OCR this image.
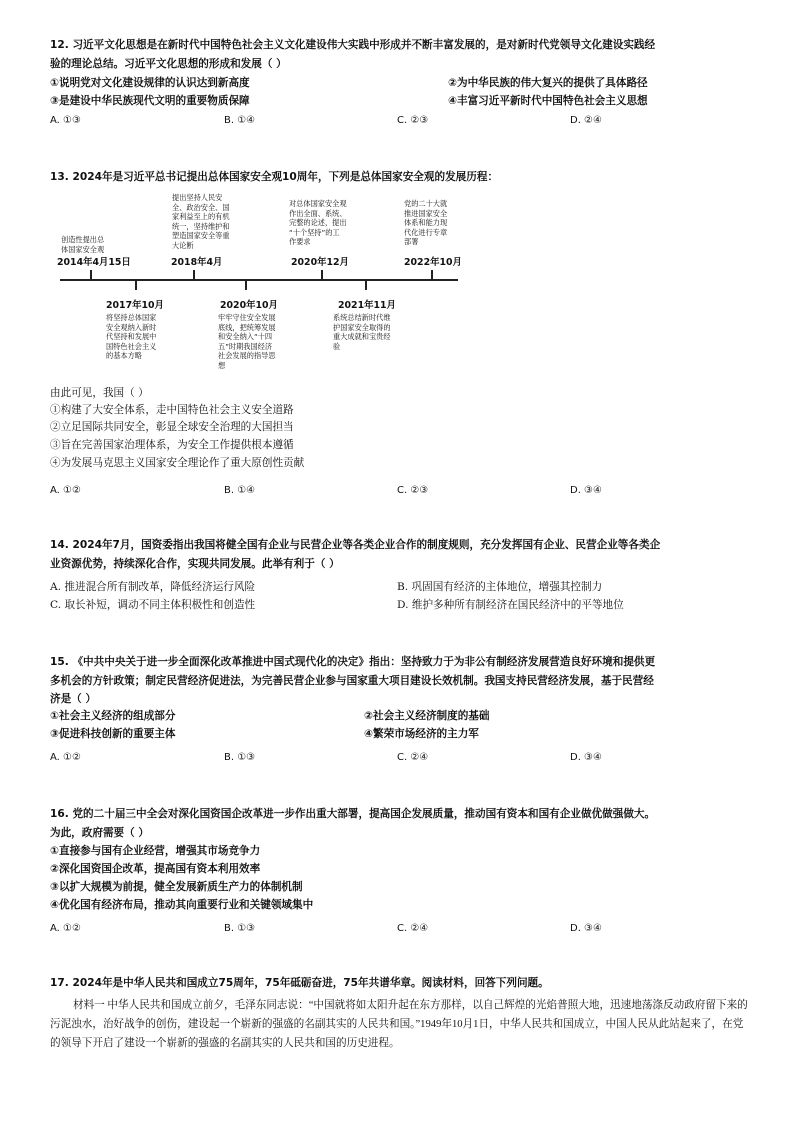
12. 习近平文化思想是在新时代中国特色社会主义文化建设伟大实践中形成并不断丰富发展的，是对新时代党领导文化建设实践经
验的理论总结。习近平文化思想的形成和发展（ ）
①说明党对文化建设规律的认识达到新高度	②为中华民族的伟大复兴的提供了具体路径
③是建设中华民族现代文明的重要物质保障	④丰富习近平新时代中国特色社会主义思想
A. ①③	B. ①④	C. ②③	D. ②④
13. 2024年是习近平总书记提出总体国家安全观10周年，下列是总体国家安全观的发展历程：
创造性提出总
体国家安全观
2014年4月15日
提出坚持人民安
全、政治安全、国
家利益至上的有机
统一，坚持维护和
塑造国家安全等重
大论断
2018年4月
对总体国家安全观
作出全面、系统、
完整的论述，提出
“十个坚持”的工
作要求
2020年12月
党的二十大就
推进国家安全
体系和能力现
代化进行专章
部署
2022年10月
2017年10月
将坚持总体国家
安全观纳入新时
代坚持和发展中
国特色社会主义
的基本方略
2020年10月
牢牢守住安全发展
底线，把统筹发展
和安全纳入“十四
五”时期我国经济
社会发展的指导思
想
2021年11月
系统总结新时代维
护国家安全取得的
重大成就和宝贵经
验
由此可见，我国（ ）
①构建了大安全体系，走中国特色社会主义安全道路
②立足国际共同安全，彰显全球安全治理的大国担当
③旨在完善国家治理体系，为安全工作提供根本遵循
④为发展马克思主义国家安全理论作了重大原创性贡献
A. ①②	B. ①④	C. ②③	D. ③④
14. 2024年7月，国资委指出我国将健全国有企业与民营企业等各类企业合作的制度规则，充分发挥国有企业、民营企业等各类企
业资源优势，持续深化合作，实现共同发展。此举有利于（ ）
A. 推进混合所有制改革，降低经济运行风险	B. 巩固国有经济的主体地位，增强其控制力
C. 取长补短，调动不同主体积极性和创造性	D. 维护多种所有制经济在国民经济中的平等地位
15. 《中共中央关于进一步全面深化改革推进中国式现代化的决定》指出：坚持致力于为非公有制经济发展营造良好环境和提供更
多机会的方针政策；制定民营经济促进法，为完善民营企业参与国家重大项目建设长效机制。我国支持民营经济发展，基于民营经
济是（ ）
①社会主义经济的组成部分	②社会主义经济制度的基础
③促进科技创新的重要主体	④繁荣市场经济的主力军
A. ①②	B. ①③	C. ②④	D. ③④
16. 党的二十届三中全会对深化国资国企改革进一步作出重大部署，提高国企发展质量，推动国有资本和国有企业做优做强做大。
为此，政府需要（ ）
①直接参与国有企业经营，增强其市场竞争力
②深化国资国企改革，提高国有资本利用效率
③以扩大规模为前提，健全发展新质生产力的体制机制
④优化国有经济布局，推动其向重要行业和关键领域集中
A. ①②	B. ①③	C. ②④	D. ③④
17. 2024年是中华人民共和国成立75周年，75年砥砺奋进，75年共谱华章。阅读材料，回答下列问题。
材料一 中华人民共和国成立前夕，毛泽东同志说：“中国就将如太阳升起在东方那样，以自己辉煌的光焰普照大地，迅速地荡涤反动政府留下来的污泥浊水，治好战争的创伤，建设起一个崭新的强盛的名副其实的人民共和国。”1949年10月1日，中华人民共和国成立，中国人民从此站起来了，在党的领导下开启了建设一个崭新的强盛的名副其实的人民共和国的历史进程。
